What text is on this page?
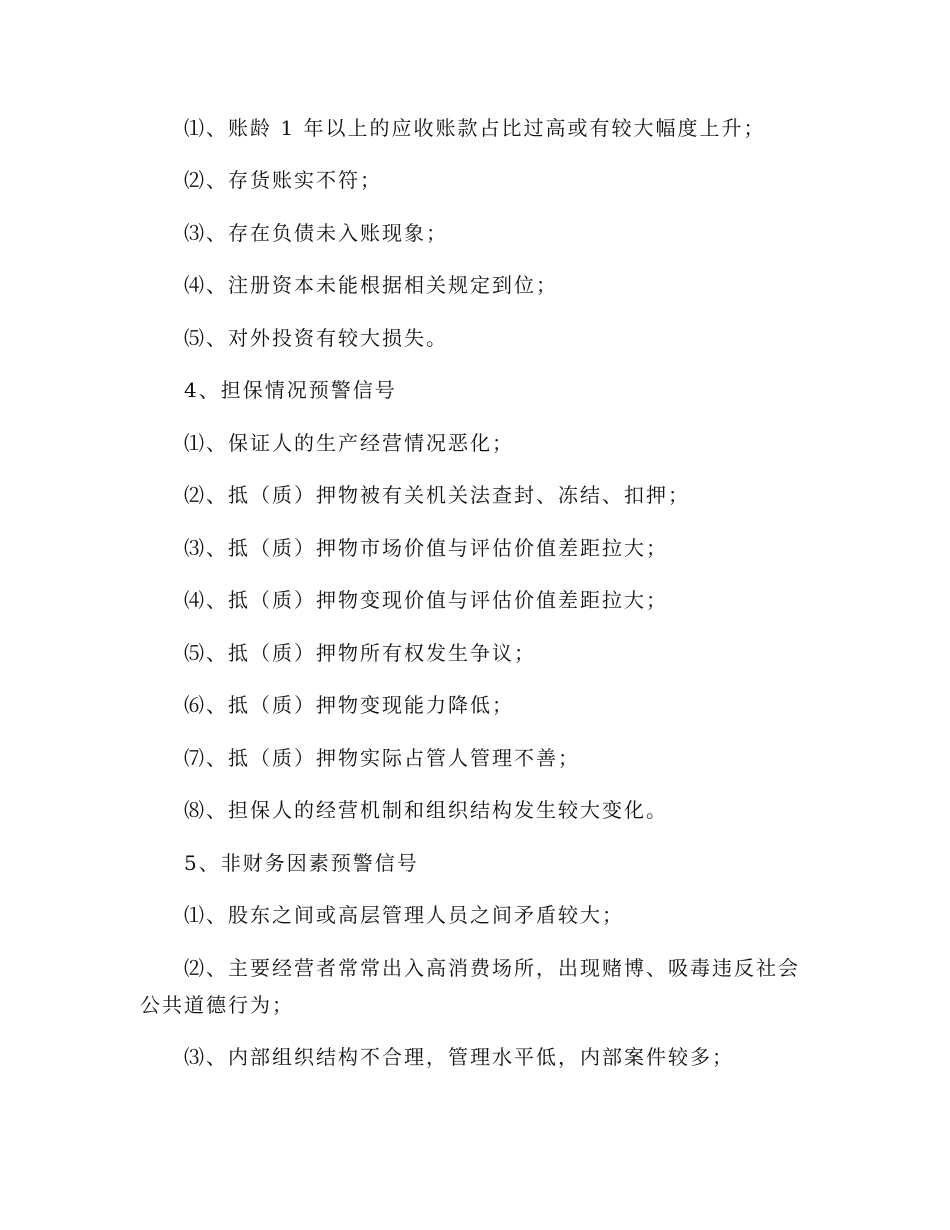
⑴、账龄 1 年以上的应收账款占比过高或有较大幅度上升；
⑵、存货账实不符；
⑶、存在负债未入账现象；
⑷、注册资本未能根据相关规定到位；
⑸、对外投资有较大损失。
4、担保情况预警信号
⑴、保证人的生产经营情况恶化；
⑵、抵（质）押物被有关机关法查封、冻结、扣押；
⑶、抵（质）押物市场价值与评估价值差距拉大；
⑷、抵（质）押物变现价值与评估价值差距拉大；
⑸、抵（质）押物所有权发生争议；
⑹、抵（质）押物变现能力降低；
⑺、抵（质）押物实际占管人管理不善；
⑻、担保人的经营机制和组织结构发生较大变化。
5、非财务因素预警信号
⑴、股东之间或高层管理人员之间矛盾较大；
⑵、主要经营者常常出入高消费场所，出现赌博、吸毒违反社会
公共道德行为；
⑶、内部组织结构不合理，管理水平低，内部案件较多；
